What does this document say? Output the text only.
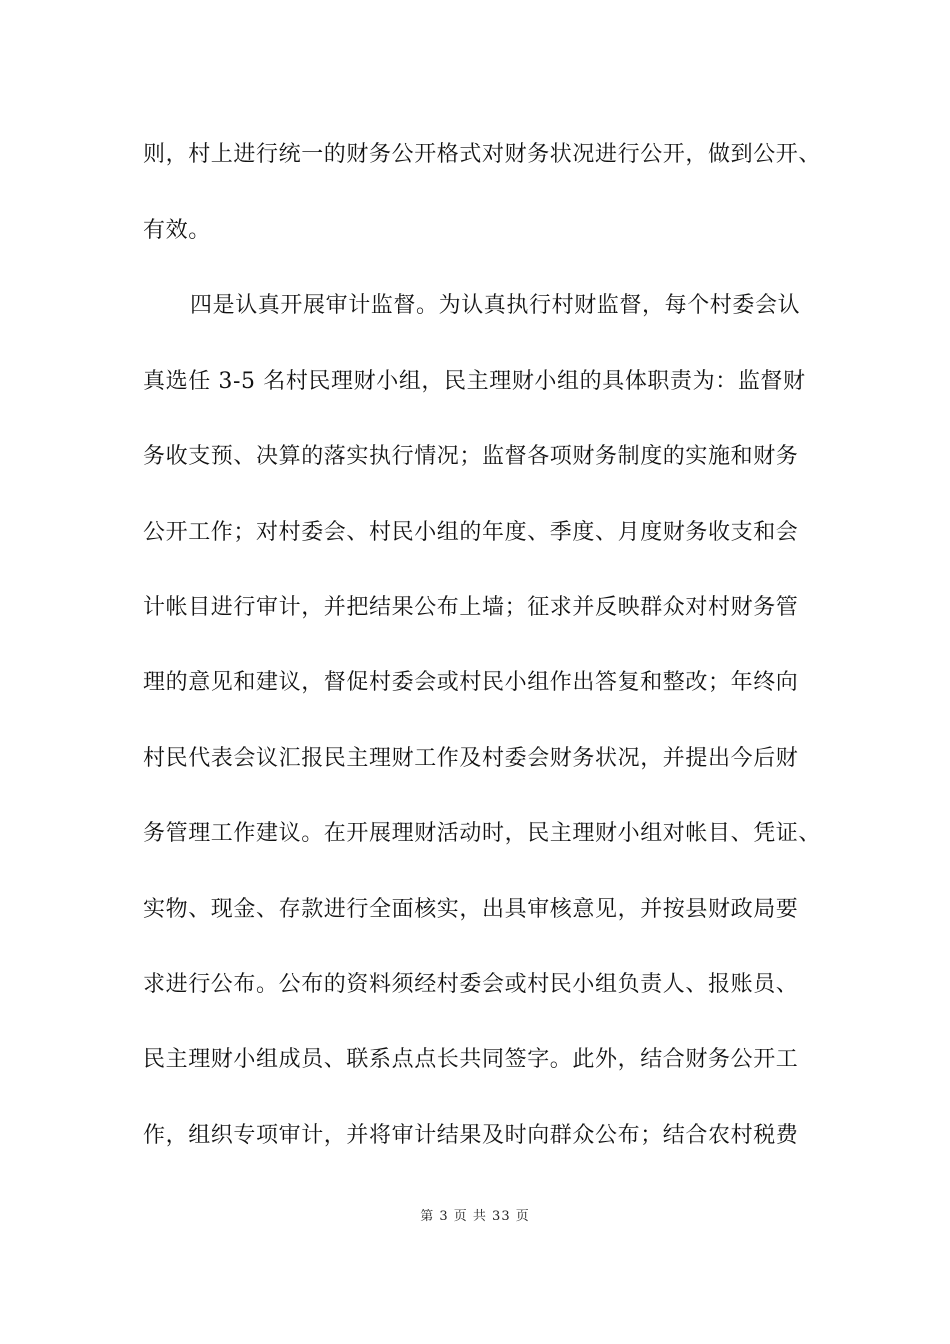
则，村上进行统一的财务公开格式对财务状况进行公开，做到公开、
有效。
四是认真开展审计监督。为认真执行村财监督，每个村委会认
真选任 3-5 名村民理财小组，民主理财小组的具体职责为：监督财
务收支预、决算的落实执行情况；监督各项财务制度的实施和财务
公开工作；对村委会、村民小组的年度、季度、月度财务收支和会
计帐目进行审计，并把结果公布上墙；征求并反映群众对村财务管
理的意见和建议，督促村委会或村民小组作出答复和整改；年终向
村民代表会议汇报民主理财工作及村委会财务状况，并提出今后财
务管理工作建议。在开展理财活动时，民主理财小组对帐目、凭证、
实物、现金、存款进行全面核实，出具审核意见，并按县财政局要
求进行公布。公布的资料须经村委会或村民小组负责人、报账员、
民主理财小组成员、联系点点长共同签字。此外，结合财务公开工
作，组织专项审计，并将审计结果及时向群众公布；结合农村税费
第 3 页 共 33 页
